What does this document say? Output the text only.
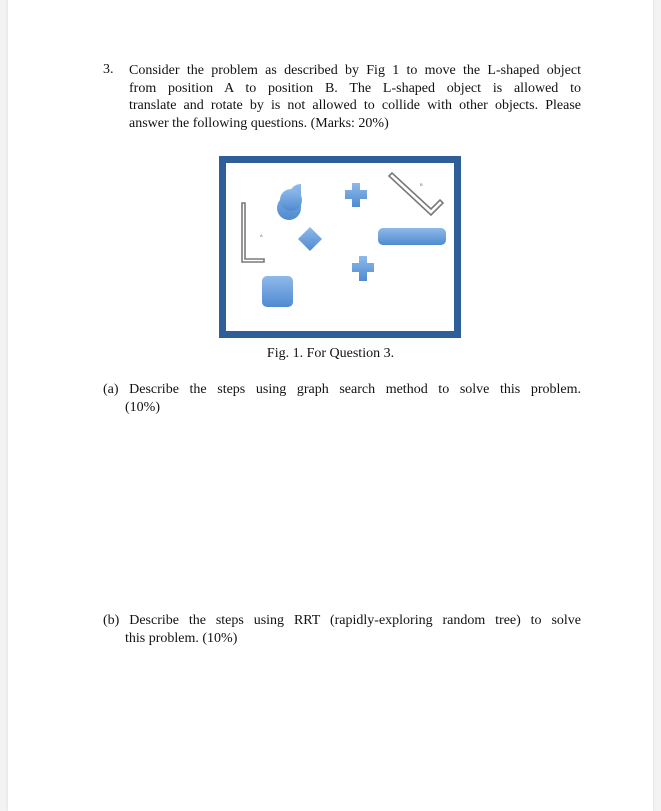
3. Consider the problem as described by Fig 1 to move the L-shaped object
from position A to position B. The L-shaped object is allowed to
translate and rotate by is not allowed to collide with other objects. Please
answer the following questions. (Marks: 20%)
A
B
Fig. 1. For Question 3.
(a) Describe the steps using graph search method to solve this problem.
(10%)
(b) Describe the steps using RRT (rapidly-exploring random tree) to solve
this problem. (10%)
